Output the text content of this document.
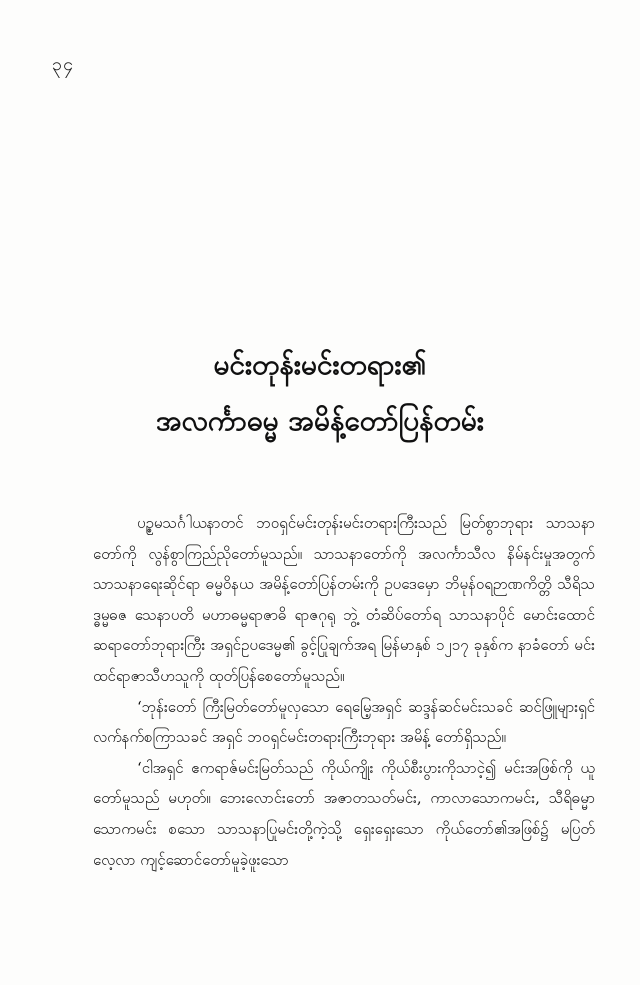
၃၄
မင်းတုန်းမင်းတရား၏
အလင်္ကာဓမ္မ အမိန့်တော်ပြန်တမ်း

ပဥ္စမသင်္ဂါယနာတင် ဘဝရှင်မင်းတုန်းမင်းတရားကြီးသည် မြတ်စွာဘုရား သာသနာတော်ကို လွန်စွာကြည်ညိုတော်မူသည်။ သာသနာတော်ကို အလင်္ကာသီလ နိမ်နင်းမှုအတွက် သာသနာရေးဆိုင်ရာ ဓမ္မဝိနယ အမိန့်တော်ပြန်တမ်းကို ဥပဒေမှော ဘိမုန်ဝရဉာဏကိတ္တိ သီရိသဒ္ဓမ္မဓဇ သေနာပတိ မဟာဓမ္မရာဇာဓိ ရာဇဂုရု ဘွဲ့ တံဆိပ်တော်ရ သာသနာပိုင် မောင်းထောင်ဆရာတော်ဘုရားကြီး အရှင်ဥပဒေမ္မ၏ ခွင့်ပြုချက်အရ မြန်မာနှစ် ၁၂၁၇ ခုနှစ်က နာခံတော် မင်းထင်ရာဇာသီဟသူကို ထုတ်ပြန်စေတော်မူသည်။

‘ဘုန်းတော် ကြီးမြတ်တော်မူလှသော ရေမြေ့အရှင် ဆဒ္ဒန်ဆင်မင်းသခင် ဆင်ဖြူများရှင် လက်နက်စကြာသခင် အရှင် ဘဝရှင်မင်းတရားကြီးဘုရား အမိန့် တော်ရှိသည်။

‘ငါအရှင် ဧကရာဇ်မင်းမြတ်သည် ကိုယ်ကျိုး ကိုယ်စီးပွားကိုသာငဲ့၍ မင်းအဖြစ်ကို ယူတော်မူသည် မဟုတ်။ ဘေးလောင်းတော် အဇာတသတ်မင်း, ကာလာသောကမင်း, သီရိဓမ္မာသောကမင်း စသော သာသနာပြုမင်းတို့ကဲ့သို့ ရှေးရှေးသော ကိုယ်တော်၏အဖြစ်၌ မပြတ်လေ့လာ ကျင့်ဆောင်တော်မူခဲ့ဖူးသော
